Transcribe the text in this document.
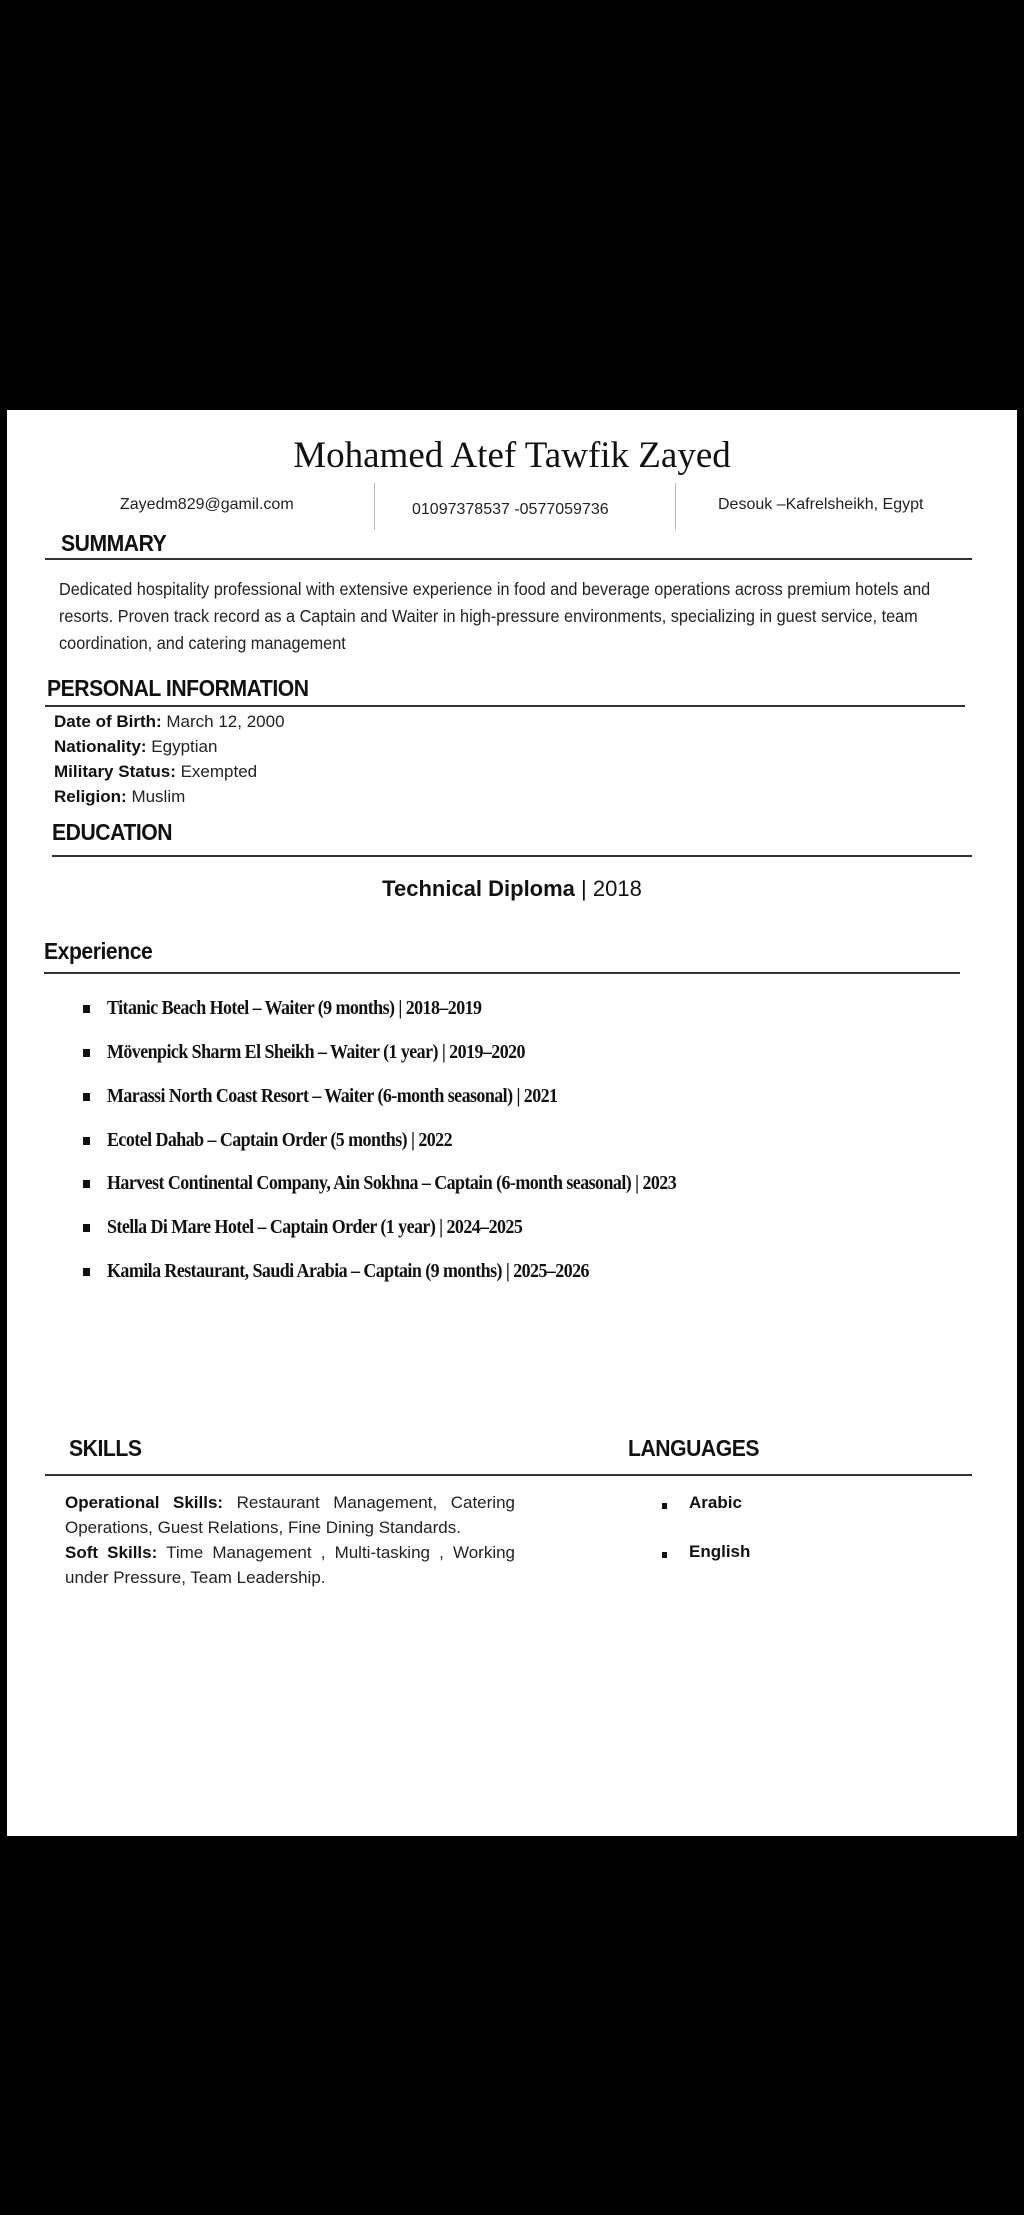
Mohamed Atef Tawfik Zayed
Zayedm829@gamil.com	01097378537 -0577059736	Desouk –Kafrelsheikh, Egypt
SUMMARY
Dedicated hospitality professional with extensive experience in food and beverage operations across premium hotels and resorts. Proven track record as a Captain and Waiter in high-pressure environments, specializing in guest service, team coordination, and catering management
PERSONAL INFORMATION
Date of Birth: March 12, 2000
Nationality: Egyptian
Military Status: Exempted
Religion: Muslim
EDUCATION
Technical Diploma | 2018
Experience
Titanic Beach Hotel – Waiter (9 months) | 2018–2019
Mövenpick Sharm El Sheikh – Waiter (1 year) | 2019–2020
Marassi North Coast Resort – Waiter (6-month seasonal) | 2021
Ecotel Dahab – Captain Order (5 months) | 2022
Harvest Continental Company, Ain Sokhna – Captain (6-month seasonal) | 2023
Stella Di Mare Hotel – Captain Order (1 year) | 2024–2025
Kamila Restaurant, Saudi Arabia – Captain (9 months) | 2025–2026
SKILLS	LANGUAGES
Operational Skills: Restaurant Management, Catering Operations, Guest Relations, Fine Dining Standards.
Soft Skills: Time Management , Multi-tasking , Working under Pressure, Team Leadership.
Arabic
English
